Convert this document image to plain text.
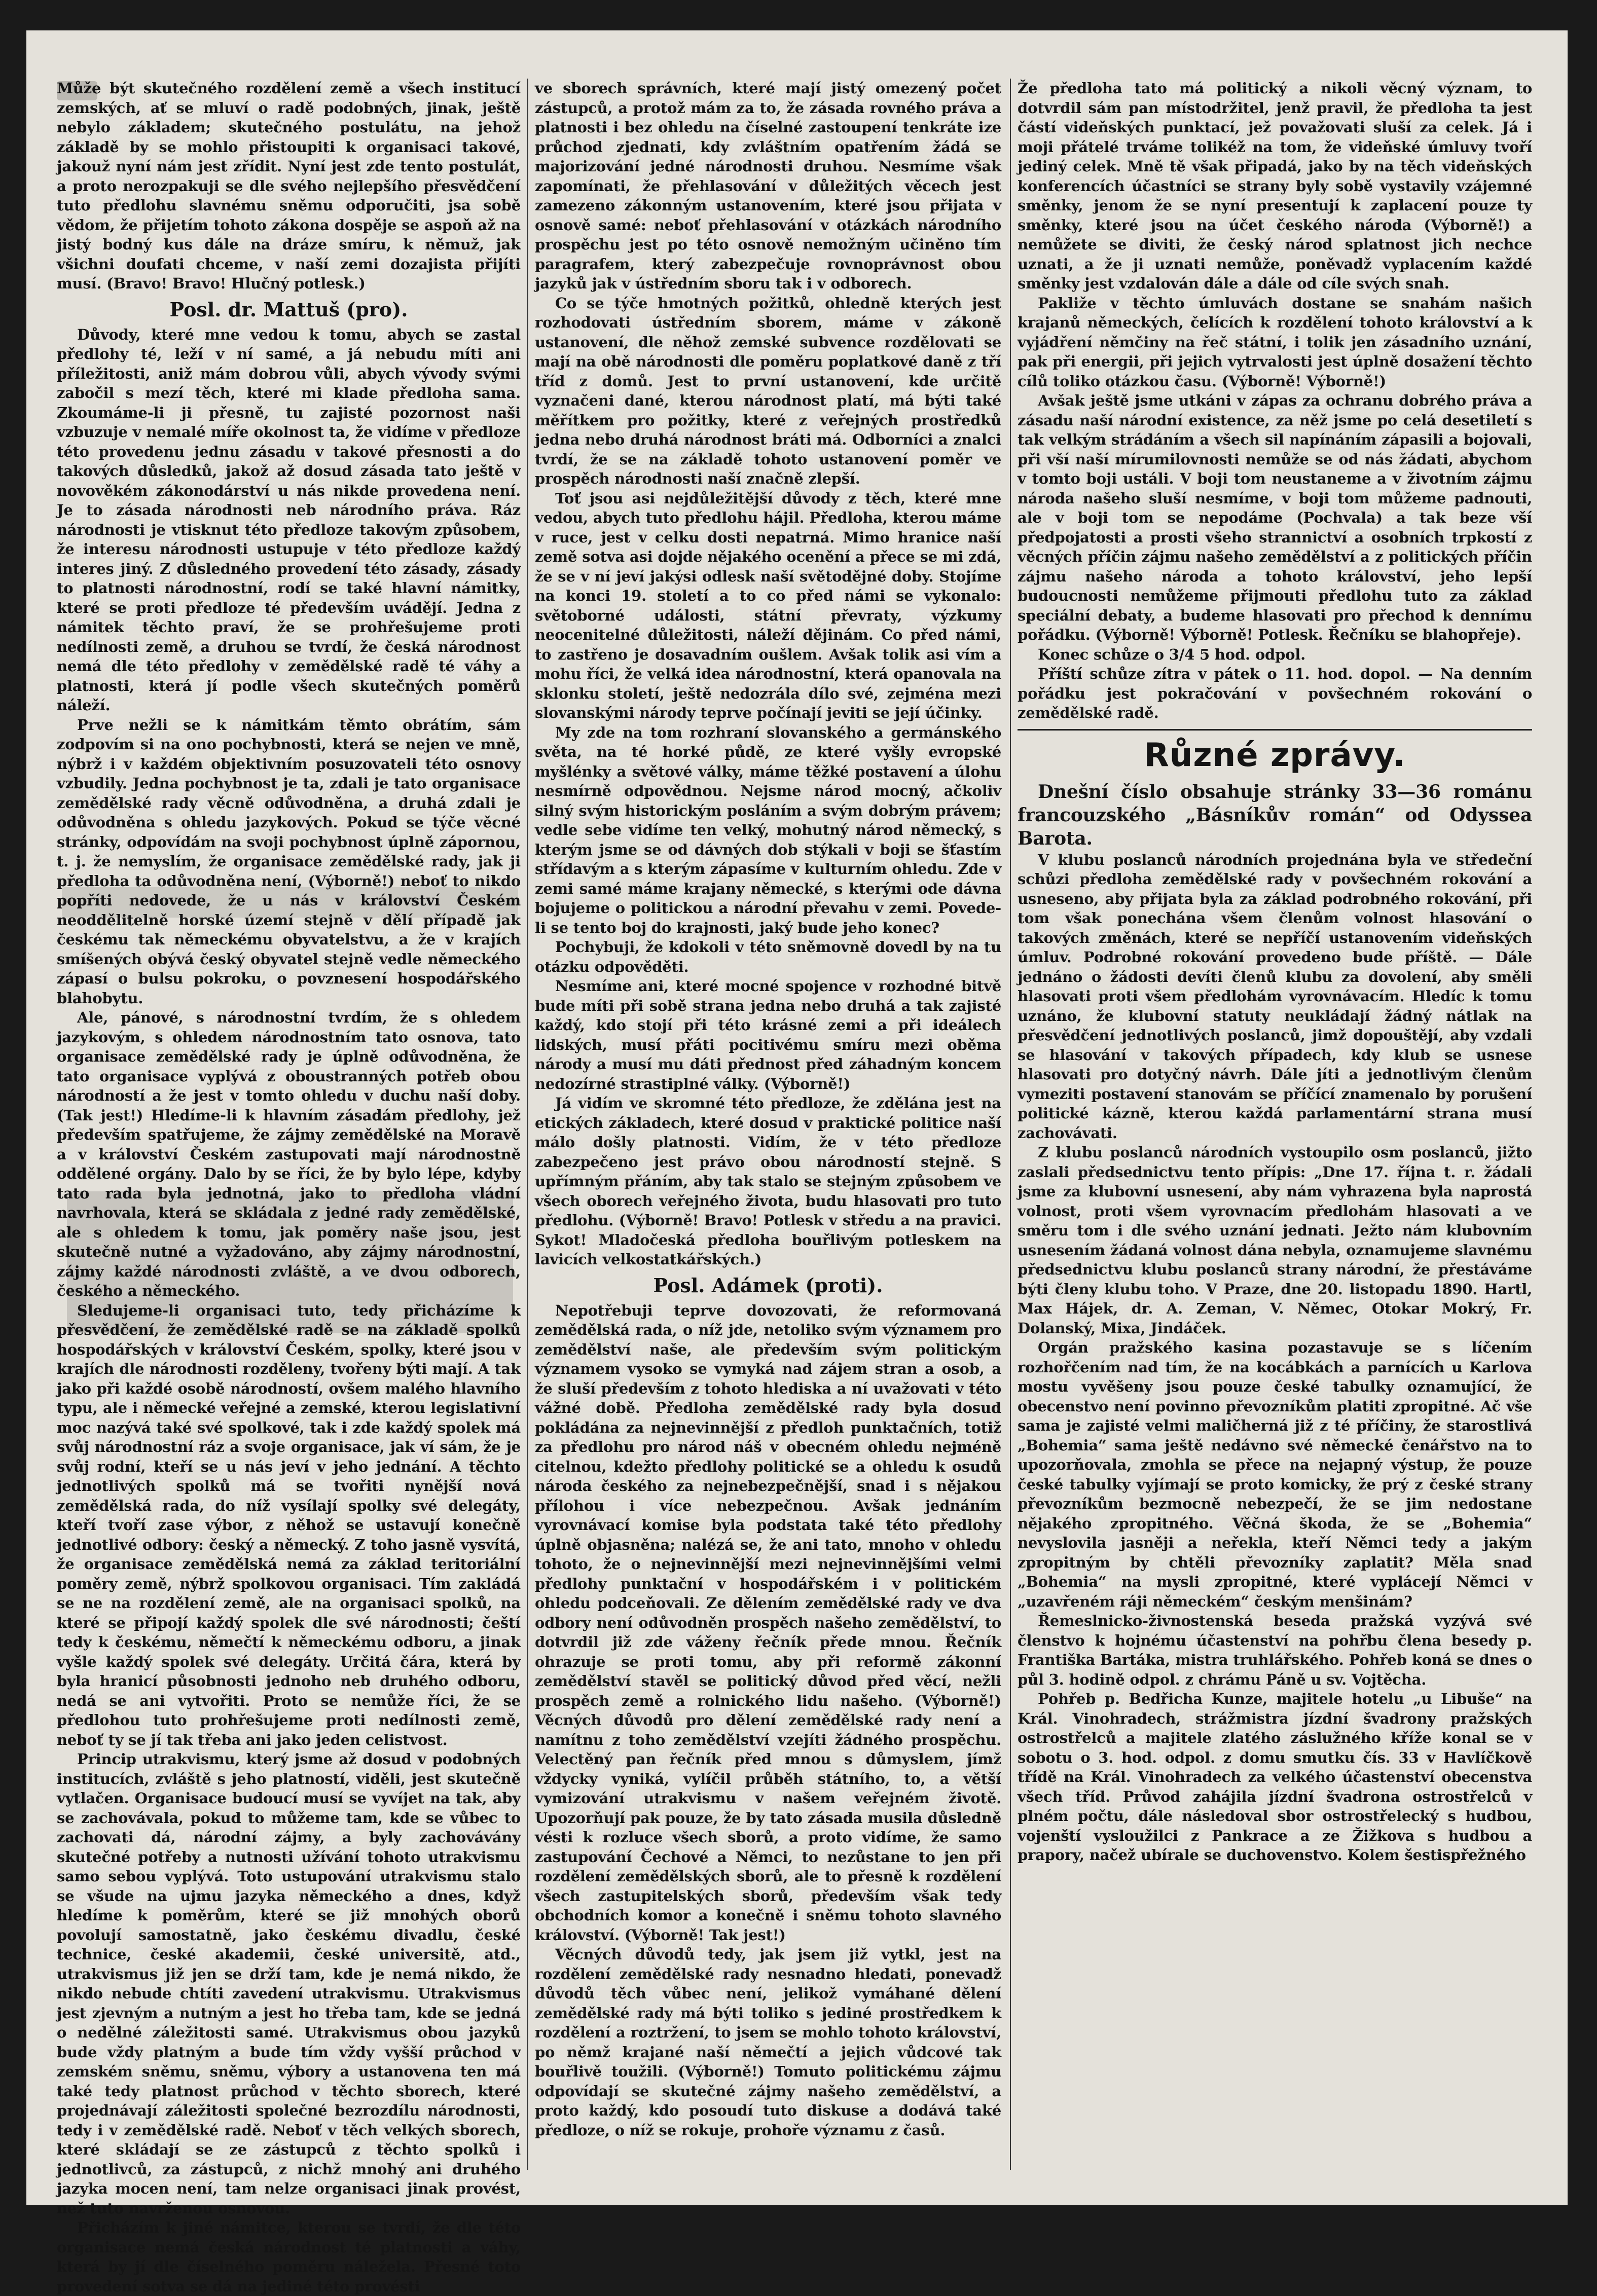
Může být skutečného rozdělení země a všech institucí zemských, ať se mluví o radě podobných, jinak, ještě nebylo základem; skutečného postulátu, na jehož základě by se mohlo přistoupiti k organisaci takové, jakouž nyní nám jest zřídit. Nyní jest zde tento postulát, a proto nerozpakuji se dle svého nejlepšího přesvědčení tuto předlohu slavnému sněmu odporučiti, jsa sobě vědom, že přijetím tohoto zákona dospěje se aspoň až na jistý bodný kus dále na dráze smíru, k němuž, jak všichni doufati chceme, v naší zemi dozajista přijíti musí. (Bravo! Bravo! Hlučný potlesk.)

Posl. dr. Mattuš (pro).

Důvody, které mne vedou k tomu, abych se zastal předlohy té, leží v ní samé, a já nebudu míti ani příležitosti, aniž mám dobrou vůli, abych vývody svými zabočil s mezí těch, které mi klade předloha sama. Zkoumáme-li ji přesně, tu zajisté pozornost naši vzbuzuje v nemalé míře okolnost ta, že vidíme v předloze této provedenu jednu zásadu v takové přesnosti a do takových důsledků, jakož až dosud zásada tato ještě v novověkém zákonodárství u nás nikde provedena není. Je to zásada národnosti neb národního práva. Ráz národnosti je vtisknut této předloze takovým způsobem, že interesu národnosti ustupuje v této předloze každý interes jiný. Z důsledného provedení této zásady, zásady to platnosti národnostní, rodí se také hlavní námitky, které se proti předloze té především uvádějí. Jedna z námitek těchto praví, že se prohřešujeme proti nedílnosti země, a druhou se tvrdí, že česká národnost nemá dle této předlohy v zemědělské radě té váhy a platnosti, která jí podle všech skutečných poměrů náleží.

Prve nežli se k námitkám těmto obrátím, sám zodpovím si na ono pochybnosti, která se nejen ve mně, nýbrž i v každém objektivním posuzovateli této osnovy vzbudily. Jedna pochybnost je ta, zdali je tato organisace zemědělské rady věcně odůvodněna, a druhá zdali je odůvodněna s ohledu jazykových. Pokud se týče věcné stránky, odpovídám na svoji pochybnost úplně zápornou, t. j. že nemyslím, že organisace zemědělské rady, jak ji předloha ta odůvodněna není, (Výborně!) neboť to nikdo popříti nedovede, že u nás v království Českém neoddělitelně horské území stejně v dělí případě jak českému tak německému obyvatelstvu, a že v krajích smíšených obývá český obyvatel stejně vedle německého zápasí o bulsu pokroku, o povznesení hospodářského blahobytu.

Ale, pánové, s národnostní tvrdím, že s ohledem jazykovým, s ohledem národnostním tato osnova, tato organisace zemědělské rady je úplně odůvodněna, že tato organisace vyplývá z oboustranných potřeb obou národností a že jest v tomto ohledu v duchu naší doby. (Tak jest!) Hledíme-li k hlavním zásadám předlohy, jež především spatřujeme, že zájmy zemědělské na Moravě a v království Českém zastupovati mají národnostně oddělené orgány. Dalo by se říci, že by bylo lépe, kdyby tato rada byla jednotná, jako to předloha vládní navrhovala, která se skládala z jedné rady zemědělské, ale s ohledem k tomu, jak poměry naše jsou, jest skutečně nutné a vyžadováno, aby zájmy národnostní, zájmy každé národnosti zvláště, a ve dvou odborech, českého a německého.

Sledujeme-li organisaci tuto, tedy přicházíme k přesvědčení, že zemědělské radě se na základě spolků hospodářských v království Českém, spolky, které jsou v krajích dle národnosti rozděleny, tvořeny býti mají. A tak jako při každé osobě národností, ovšem malého hlavního typu, ale i německé veřejné a zemské, kterou legislativní moc nazývá také své spolkové, tak i zde každý spolek má svůj národnostní ráz a svoje organisace, jak ví sám, že je svůj rodní, kteří se u nás jeví v jeho jednání. A těchto jednotlivých spolků má se tvořiti nynější nová zemědělská rada, do níž vysílají spolky své delegáty, kteří tvoří zase výbor, z něhož se ustavují konečně jednotlivé odbory: český a německý. Z toho jasně vysvítá, že organisace zemědělská nemá za základ teritoriální poměry země, nýbrž spolkovou organisaci. Tím zakládá se ne na rozdělení země, ale na organisaci spolků, na které se připojí každý spolek dle své národnosti; čeští tedy k českému, němečtí k německému odboru, a jinak vyšle každý spolek své delegáty. Určitá čára, která by byla hranicí působnosti jednoho neb druhého odboru, nedá se ani vytvořiti. Proto se nemůže říci, že se předlohou tuto prohřešujeme proti nedílnosti země, neboť ty se jí tak třeba ani jako jeden celistvost.

Princip utrakvismu, který jsme až dosud v podobných institucích, zvláště s jeho platností, viděli, jest skutečně vytlačen. Organisace budoucí musí se vyvíjet na tak, aby se zachovávala, pokud to můžeme tam, kde se vůbec to zachovati dá, národní zájmy, a byly zachovávány skutečné potřeby a nutnosti užívání tohoto utrakvismu samo sebou vyplývá. Toto ustupování utrakvismu stalo se všude na ujmu jazyka německého a dnes, když hledíme k poměrům, které se již mnohých oborů povolují samostatně, jako českému divadlu, české technice, české akademii, české universitě, atd., utrakvismus již jen se drží tam, kde je nemá nikdo, že nikdo nebude chtíti zavedení utrakvismu. Utrakvismus jest zjevným a nutným a jest ho třeba tam, kde se jedná o nedělné záležitosti samé. Utrakvismus obou jazyků bude vždy platným a bude tím vždy vyšší průchod v zemském sněmu, sněmu, výbory a ustanovena ten má také tedy platnost průchod v těchto sborech, které projednávají záležitosti společné bezrozdílu národnosti, tedy i v zemědělské radě. Neboť v těch velkých sborech, které skládají se ze zástupců z těchto spolků i jednotlivců, za zástupců, z nichž mnohý ani druhého jazyka mocen není, tam nelze organisaci jinak provést, než tuto navrženou osnovou.

Přicházím k jiné námitce, kterou se tvrdí, že dle této organisace nemá česká národnost té platnosti a váhy, která by jí dle číselného poměru náležela. Přesné toto provedení sotva se dá na jediné této provésti

ve sborech správních, které mají jistý omezený počet zástupců, a protož mám za to, že zásada rovného práva a platnosti i bez ohledu na číselné zastoupení tenkráte ize průchod zjednati, kdy zvláštním opatřením žádá se majorizování jedné národnosti druhou. Nesmíme však zapomínati, že přehlasování v důležitých věcech jest zamezeno zákonným ustanovením, které jsou přijata v osnově samé: neboť přehlasování v otázkách národního prospěchu jest po této osnově nemožným učiněno tím paragrafem, který zabezpečuje rovnoprávnost obou jazyků jak v ústředním sboru tak i v odborech.

Co se týče hmotných požitků, ohledně kterých jest rozhodovati ústředním sborem, máme v zákoně ustanovení, dle něhož zemské subvence rozdělovati se mají na obě národnosti dle poměru poplatkové daně z tří tříd z domů. Jest to první ustanovení, kde určitě vyznačeni dané, kterou národnost platí, má býti také měřítkem pro požitky, které z veřejných prostředků jedna nebo druhá národnost bráti má. Odborníci a znalci tvrdí, že se na základě tohoto ustanovení poměr ve prospěch národnosti naší značně zlepší.

Toť jsou asi nejdůležitější důvody z těch, které mne vedou, abych tuto předlohu hájil. Předloha, kterou máme v ruce, jest v celku dosti nepatrná. Mimo hranice naší země sotva asi dojde nějakého ocenění a přece se mi zdá, že se v ní jeví jakýsi odlesk naší světodějné doby. Stojíme na konci 19. století a to co před námi se vykonalo: světoborné události, státní převraty, výzkumy neocenitelné důležitosti, náleží dějinám. Co před námi, to zastřeno je dosavadním oušlem. Avšak tolik asi vím a mohu říci, že velká idea národnostní, která opanovala na sklonku století, ještě nedozrála dílo své, zejména mezi slovanskými národy teprve počínají jeviti se její účinky.

My zde na tom rozhraní slovanského a germánského světa, na té horké půdě, ze které vyšly evropské myšlénky a světové války, máme těžké postavení a úlohu nesmírně odpovědnou. Nejsme národ mocný, ačkoliv silný svým historickým posláním a svým dobrým právem; vedle sebe vidíme ten velký, mohutný národ německý, s kterým jsme se od dávných dob stýkali v boji se šťastím střídavým a s kterým zápasíme v kulturním ohledu. Zde v zemi samé máme krajany německé, s kterými ode dávna bojujeme o politickou a národní převahu v zemi. Povede-li se tento boj do krajnosti, jaký bude jeho konec?

Pochybuji, že kdokoli v této sněmovně dovedl by na tu otázku odpověděti.

Nesmíme ani, které mocné spojence v rozhodné bitvě bude míti při sobě strana jedna nebo druhá a tak zajisté každý, kdo stojí při této krásné zemi a při ideálech lidských, musí přáti pocitivému smíru mezi oběma národy a musí mu dáti přednost před záhadným koncem nedozírné strastiplné války. (Výborně!)

Já vidím ve skromné této předloze, že zdělána jest na etických základech, které dosud v praktické politice naší málo došly platnosti. Vidím, že v této předloze zabezpečeno jest právo obou národností stejně. S upřímným přáním, aby tak stalo se stejným způsobem ve všech oborech veřejného života, budu hlasovati pro tuto předlohu. (Výborně! Bravo! Potlesk v středu a na pravici. Sykot! Mladočeská předloha bouřlivým potleskem na lavicích velkostatkářských.)

Posl. Adámek (proti).

Nepotřebuji teprve dovozovati, že reformovaná zemědělská rada, o níž jde, netoliko svým významem pro zemědělství naše, ale především svým politickým významem vysoko se vymyká nad zájem stran a osob, a že sluší především z tohoto hlediska a ní uvažovati v této vážné době. Předloha zemědělské rady byla dosud pokládána za nejnevinnější z předloh punktačních, totiž za předlohu pro národ náš v obecném ohledu nejméně citelnou, kdežto předlohy politické se a ohledu k osudů národa českého za nejnebezpečnější, snad i s nějakou přílohou i více nebezpečnou. Avšak jednáním vyrovnávací komise byla podstata také této předlohy úplně objasněna; nalézá se, že ani tato, mnoho v ohledu tohoto, že o nejnevinnější mezi nejnevinnějšími velmi předlohy punktační v hospodářském i v politickém ohledu podceňovali. Ze dělením zemědělské rady ve dva odbory není odůvodněn prospěch našeho zemědělství, to dotvrdil již zde váženy řečník přede mnou. Řečník ohrazuje se proti tomu, aby při reformě zákonní zemědělství stavěl se politický důvod před věcí, nežli prospěch země a rolnického lidu našeho. (Výborně!) Věcných důvodů pro dělení zemědělské rady není a namítnu z toho zemědělství vzejíti žádného prospěchu. Velectěný pan řečník před mnou s důmyslem, jímž vždycky vyniká, vylíčil průběh státního, to, a větší vymizování utrakvismu v našem veřejném životě. Upozorňují pak pouze, že by tato zásada musila důsledně vésti k rozluce všech sborů, a proto vidíme, že samo zastupování Čechové a Němci, to nezůstane to jen při rozdělení zemědělských sborů, ale to přesně k rozdělení všech zastupitelských sborů, především však tedy obchodních komor a konečně i sněmu tohoto slavného království. (Výborně! Tak jest!)

Věcných důvodů tedy, jak jsem již vytkl, jest na rozdělení zemědělské rady nesnadno hledati, ponevadž důvodů těch vůbec není, jelikož vymáhané dělení zemědělské rady má býti toliko s jediné prostředkem k rozdělení a roztržení, to jsem se mohlo tohoto království, po němž krajané naší němečtí a jejich vůdcové tak bouřlivě toužili. (Výborně!) Tomuto politickému zájmu odpovídají se skutečné zájmy našeho zemědělství, a proto každý, kdo posoudí tuto diskuse a dodává také předloze, o níž se rokuje, prohoře významu z časů.

Že předloha tato má politický a nikoli věcný význam, to dotvrdil sám pan místodržitel, jenž pravil, že předloha ta jest částí videňských punktací, jež považovati sluší za celek. Já i moji přátelé trváme tolikéž na tom, že videňské úmluvy tvoří jediný celek. Mně tě však připadá, jako by na těch videňských konferencích účastníci se strany byly sobě vystavily vzájemné směnky, jenom že se nyní presentují k zaplacení pouze ty směnky, které jsou na účet českého národa (Výborně!) a nemůžete se diviti, že český národ splatnost jich nechce uznati, a že ji uznati nemůže, poněvadž vyplacením každé směnky jest vzdalován dále a dále od cíle svých snah.

Pakliže v těchto úmluvách dostane se snahám našich krajanů německých, čelících k rozdělení tohoto království a k vyjádření němčiny na řeč státní, i tolik jen zásadního uznání, pak při energii, při jejich vytrvalosti jest úplně dosažení těchto cílů toliko otázkou času. (Výborně! Výborně!)

Avšak ještě jsme utkáni v zápas za ochranu dobrého práva a zásadu naší národní existence, za něž jsme po celá desetiletí s tak velkým strádáním a všech sil napínáním zápasili a bojovali, při vší naší mírumilovnosti nemůže se od nás žádati, abychom v tomto boji ustáli. V boji tom neustaneme a v životním zájmu národa našeho sluší nesmíme, v boji tom můžeme padnouti, ale v boji tom se nepodáme (Pochvala) a tak beze vší předpojatosti a prosti všeho strannictví a osobních trpkostí z věcných příčin zájmu našeho zemědělství a z politických příčin zájmu našeho národa a tohoto království, jeho lepší budoucnosti nemůžeme přijmouti předlohu tuto za základ speciální debaty, a budeme hlasovati pro přechod k dennímu pořádku. (Výborně! Výborně! Potlesk. Řečníku se blahopřeje).

Konec schůze o 3/4 5 hod. odpol.

Příští schůze zítra v pátek o 11. hod. dopol. — Na denním pořádku jest pokračování v povšechném rokování o zemědělské radě.

Různé zprávy.

Dnešní číslo obsahuje stránky 33—36 románu francouzského „Básníkův román“ od Odyssea Barota.

V klubu poslanců národních projednána byla ve středeční schůzi předloha zemědělské rady v povšechném rokování a usneseno, aby přijata byla za základ podrobného rokování, při tom však ponechána všem členům volnost hlasování o takových změnách, které se nepříčí ustanovením videňských úmluv. Podrobné rokování provedeno bude příště. — Dále jednáno o žádosti devíti členů klubu za dovolení, aby směli hlasovati proti všem předlohám vyrovnávacím. Hledíc k tomu uznáno, že klubovní statuty neukládají žádný nátlak na přesvědčení jednotlivých poslanců, jimž dopouštějí, aby vzdali se hlasování v takových případech, kdy klub se usnese hlasovati pro dotyčný návrh. Dále jíti a jednotlivým členům vymeziti postavení stanovám se příčící znamenalo by porušení politické kázně, kterou každá parlamentární strana musí zachovávati.

Z klubu poslanců národních vystoupilo osm poslanců, jižto zaslali předsednictvu tento přípis: „Dne 17. října t. r. žádali jsme za klubovní usnesení, aby nám vyhrazena byla naprostá volnost, proti všem vyrovnacím předlohám hlasovati a ve směru tom i dle svého uznání jednati. Ježto nám klubovním usnesením žádaná volnost dána nebyla, oznamujeme slavnému předsednictvu klubu poslanců strany národní, že přestáváme býti členy klubu toho. V Praze, dne 20. listopadu 1890. Hartl, Max Hájek, dr. A. Zeman, V. Němec, Otokar Mokrý, Fr. Dolanský, Mixa, Jindáček.

Orgán pražského kasina pozastavuje se s líčením rozhořčením nad tím, že na kocábkách a parnících u Karlova mostu vyvěšeny jsou pouze české tabulky oznamující, že obecenstvo není povinno převozníkům platiti zpropitné. Ač vše sama je zajisté velmi maličherná již z té příčiny, že starostlivá „Bohemia“ sama ještě nedávno své německé čenářstvo na to upozorňovala, zmohla se přece na nejapný výstup, že pouze české tabulky vyjímají se proto komicky, že prý z české strany převozníkům bezmocně nebezpečí, že se jim nedostane nějakého zpropitného. Věčná škoda, že se „Bohemia“ nevyslovila jasněji a neřekla, kteří Němci tedy a jakým zpropitným by chtěli převozníky zaplatit? Měla snad „Bohemia“ na mysli zpropitné, které vyplácejí Němci v „uzavřeném ráji německém“ českým menšinám?

Řemeslnicko-živnostenská beseda pražská vyzývá své členstvo k hojnému účastenství na pohřbu člena besedy p. Františka Bartáka, mistra truhlářského. Pohřeb koná se dnes o půl 3. hodině odpol. z chrámu Páně u sv. Vojtěcha.

Pohřeb p. Bedřicha Kunze, majitele hotelu „u Libuše“ na Král. Vinohradech, strážmistra jízdní švadrony pražských ostrostřelců a majitele zlatého záslužného kříže konal se v sobotu o 3. hod. odpol. z domu smutku čís. 33 v Havlíčkově třídě na Král. Vinohradech za velkého účastenství obecenstva všech tříd. Průvod zahájila jízdní švadrona ostrostřelců v plném počtu, dále následoval sbor ostrostřelecký s hudbou, vojenští vysloužilci z Pankrace a ze Žižkova s hudbou a prapory, načež ubírale se duchovenstvo. Kolem šestispřežného
